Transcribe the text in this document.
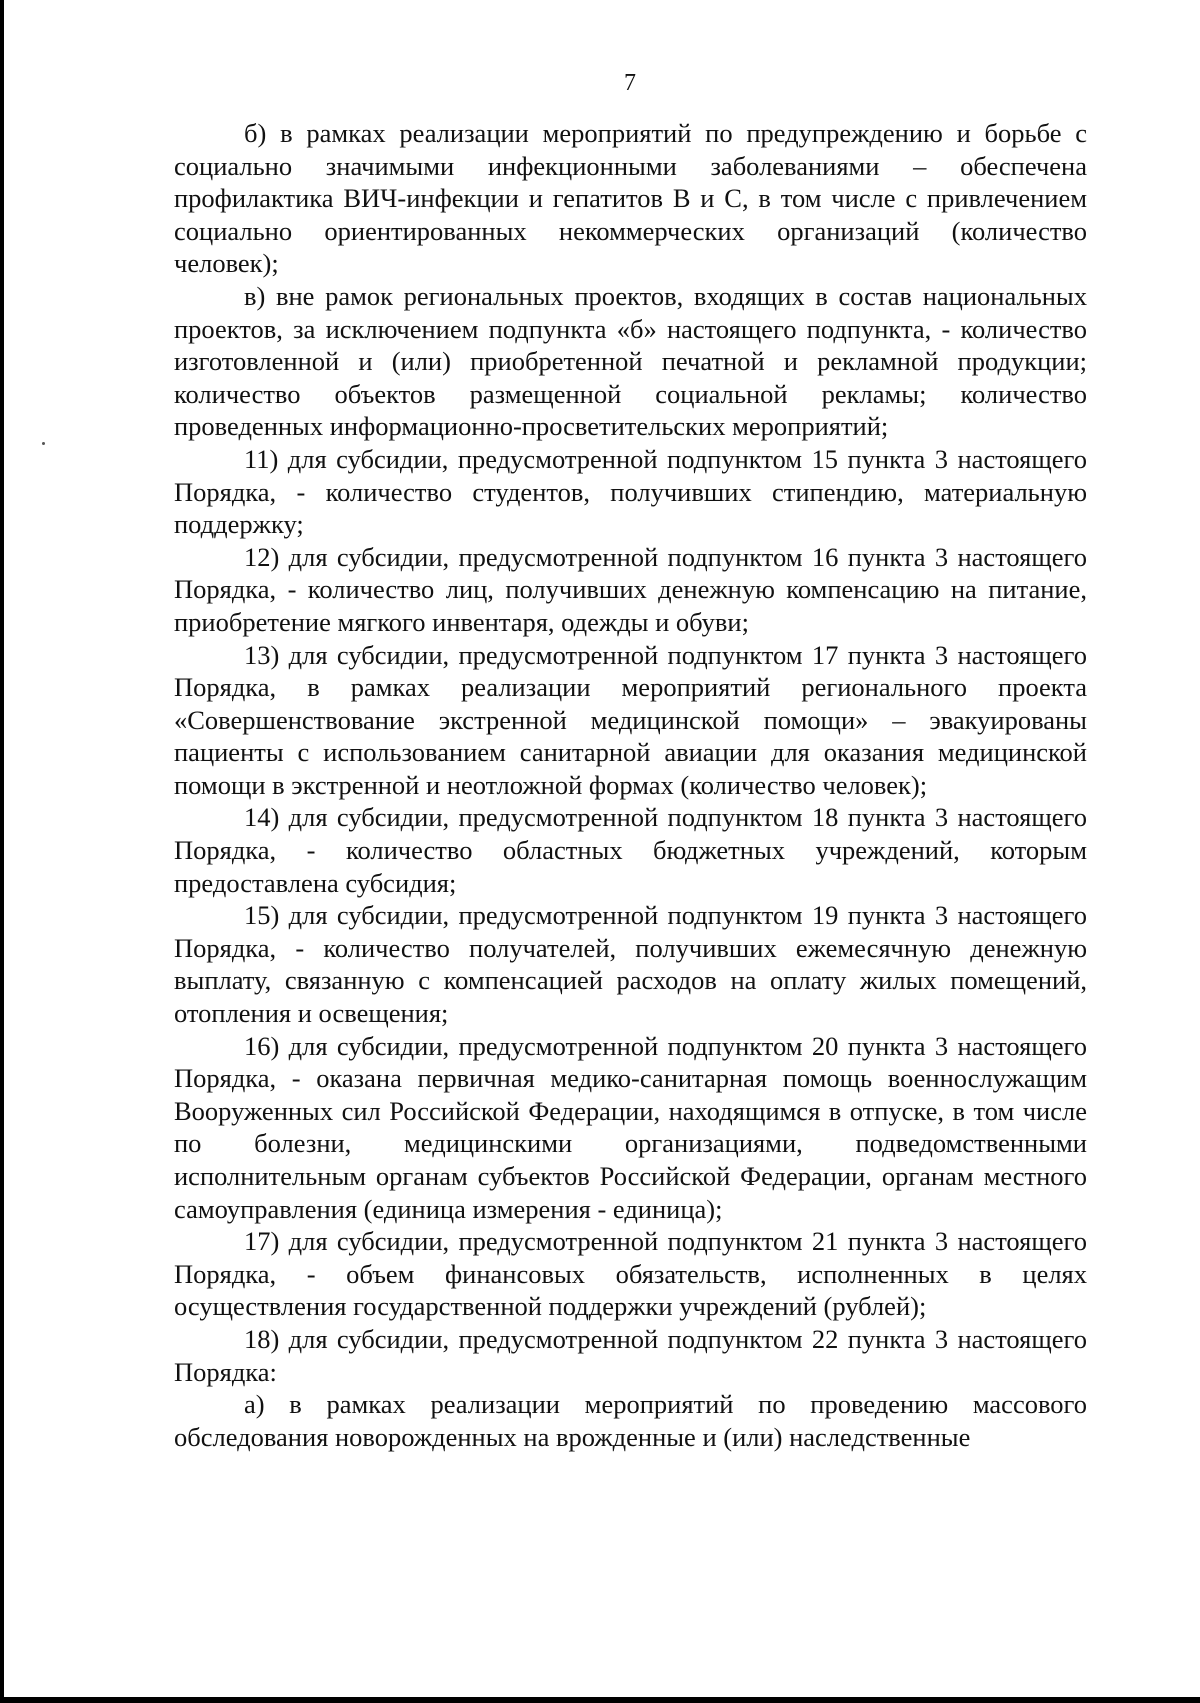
7

б) в рамках реализации мероприятий по предупреждению и борьбе с социально значимыми инфекционными заболеваниями – обеспечена профилактика ВИЧ-инфекции и гепатитов B и C, в том числе с привлечением социально ориентированных некоммерческих организаций (количество человек);

в) вне рамок региональных проектов, входящих в состав национальных проектов, за исключением подпункта «б» настоящего подпункта, - количество изготовленной и (или) приобретенной печатной и рекламной продукции; количество объектов размещенной социальной рекламы; количество проведенных информационно-просветительских мероприятий;

11) для субсидии, предусмотренной подпунктом 15 пункта 3 настоящего Порядка, - количество студентов, получивших стипендию, материальную поддержку;

12) для субсидии, предусмотренной подпунктом 16 пункта 3 настоящего Порядка, - количество лиц, получивших денежную компенсацию на питание, приобретение мягкого инвентаря, одежды и обуви;

13) для субсидии, предусмотренной подпунктом 17 пункта 3 настоящего Порядка, в рамках реализации мероприятий регионального проекта «Совершенствование экстренной медицинской помощи» – эвакуированы пациенты с использованием санитарной авиации для оказания медицинской помощи в экстренной и неотложной формах (количество человек);

14) для субсидии, предусмотренной подпунктом 18 пункта 3 настоящего Порядка, - количество областных бюджетных учреждений, которым предоставлена субсидия;

15) для субсидии, предусмотренной подпунктом 19 пункта 3 настоящего Порядка, - количество получателей, получивших ежемесячную денежную выплату, связанную с компенсацией расходов на оплату жилых помещений, отопления и освещения;

16) для субсидии, предусмотренной подпунктом 20 пункта 3 настоящего Порядка, - оказана первичная медико-санитарная помощь военнослужащим Вооруженных сил Российской Федерации, находящимся в отпуске, в том числе по болезни, медицинскими организациями, подведомственными исполнительным органам субъектов Российской Федерации, органам местного самоуправления (единица измерения - единица);

17) для субсидии, предусмотренной подпунктом 21 пункта 3 настоящего Порядка, - объем финансовых обязательств, исполненных в целях осуществления государственной поддержки учреждений (рублей);

18) для субсидии, предусмотренной подпунктом 22 пункта 3 настоящего Порядка:

а) в рамках реализации мероприятий по проведению массового обследования новорожденных на врожденные и (или) наследственные
